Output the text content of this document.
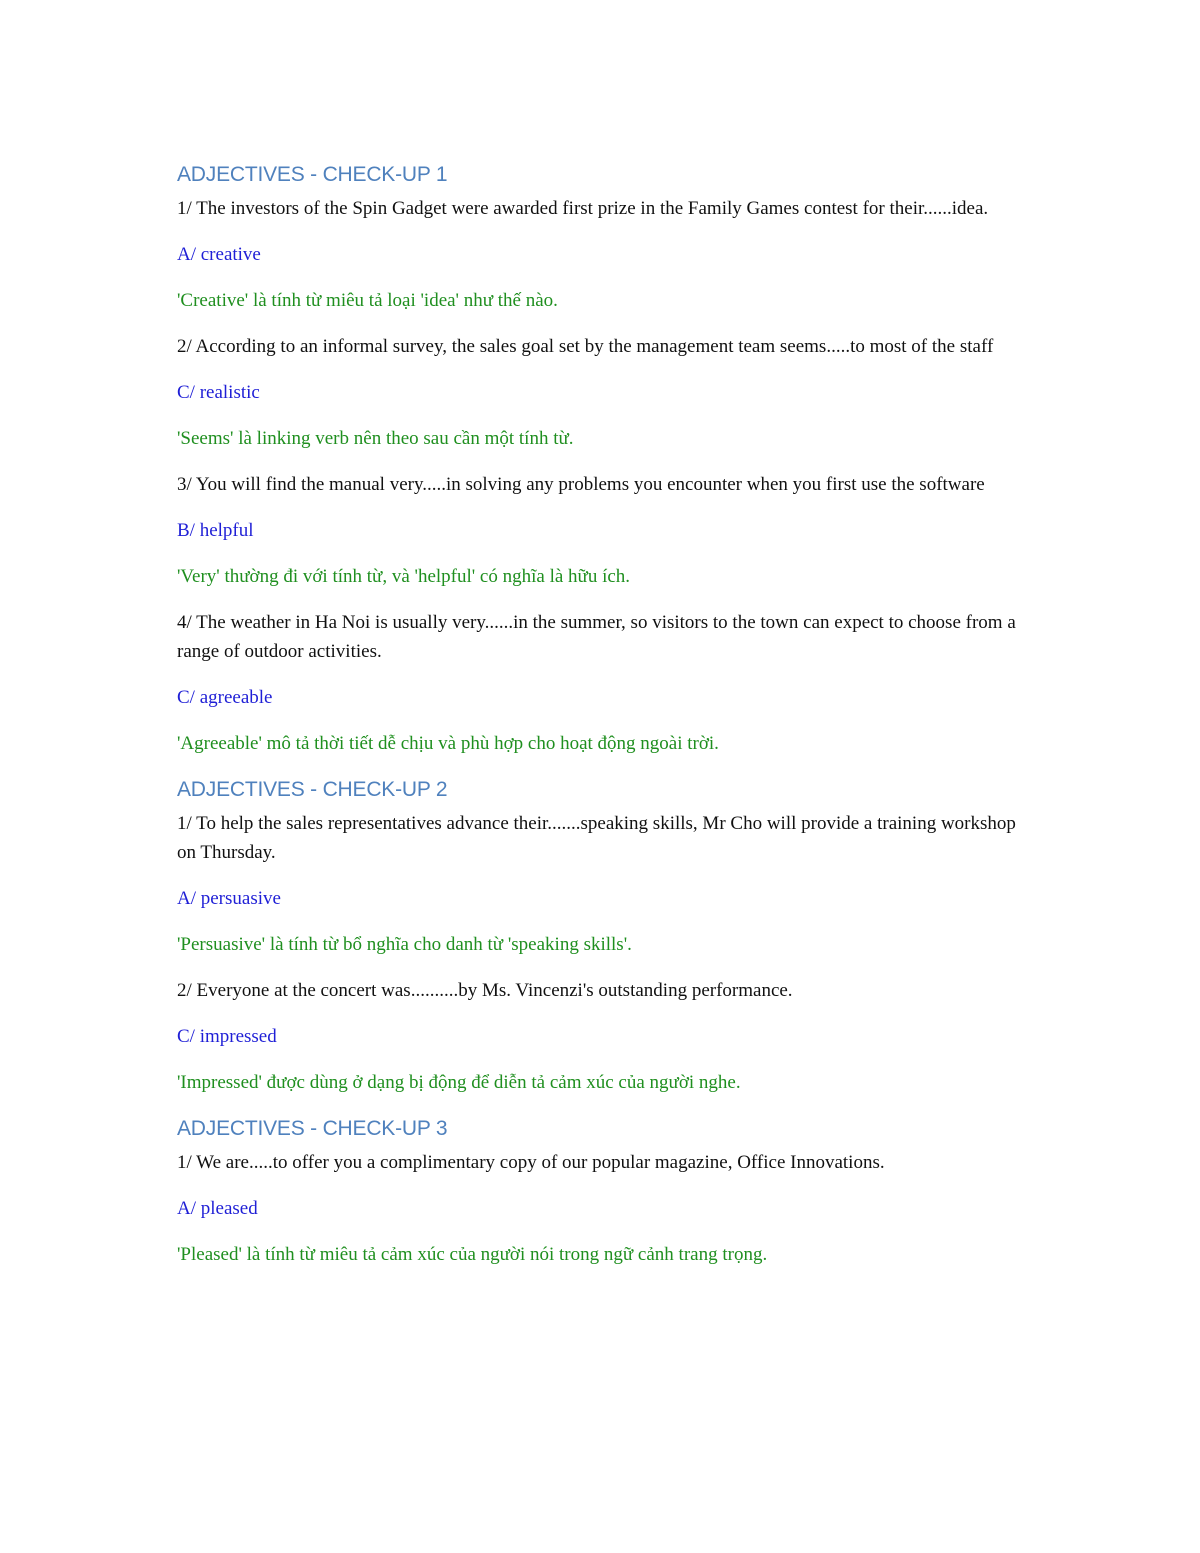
ADJECTIVES - CHECK-UP 1
1/ The investors of the Spin Gadget were awarded first prize in the Family Games contest for their......idea.
A/ creative
'Creative' là tính từ miêu tả loại 'idea' như thế nào.
2/ According to an informal survey, the sales goal set by the management team seems.....to most of the staff
C/ realistic
'Seems' là linking verb nên theo sau cần một tính từ.
3/ You will find the manual very.....in solving any problems you encounter when you first use the software
B/ helpful
'Very' thường đi với tính từ, và 'helpful' có nghĩa là hữu ích.
4/ The weather in Ha Noi is usually very......in the summer, so visitors to the town can expect to choose from a range of outdoor activities.
C/ agreeable
'Agreeable' mô tả thời tiết dễ chịu và phù hợp cho hoạt động ngoài trời.
ADJECTIVES - CHECK-UP 2
1/ To help the sales representatives advance their.......speaking skills, Mr Cho will provide a training workshop on Thursday.
A/ persuasive
'Persuasive' là tính từ bổ nghĩa cho danh từ 'speaking skills'.
2/ Everyone at the concert was..........by Ms. Vincenzi's outstanding performance.
C/ impressed
'Impressed' được dùng ở dạng bị động để diễn tả cảm xúc của người nghe.
ADJECTIVES - CHECK-UP 3
1/ We are.....to offer you a complimentary copy of our popular magazine, Office Innovations.
A/ pleased
'Pleased' là tính từ miêu tả cảm xúc của người nói trong ngữ cảnh trang trọng.
